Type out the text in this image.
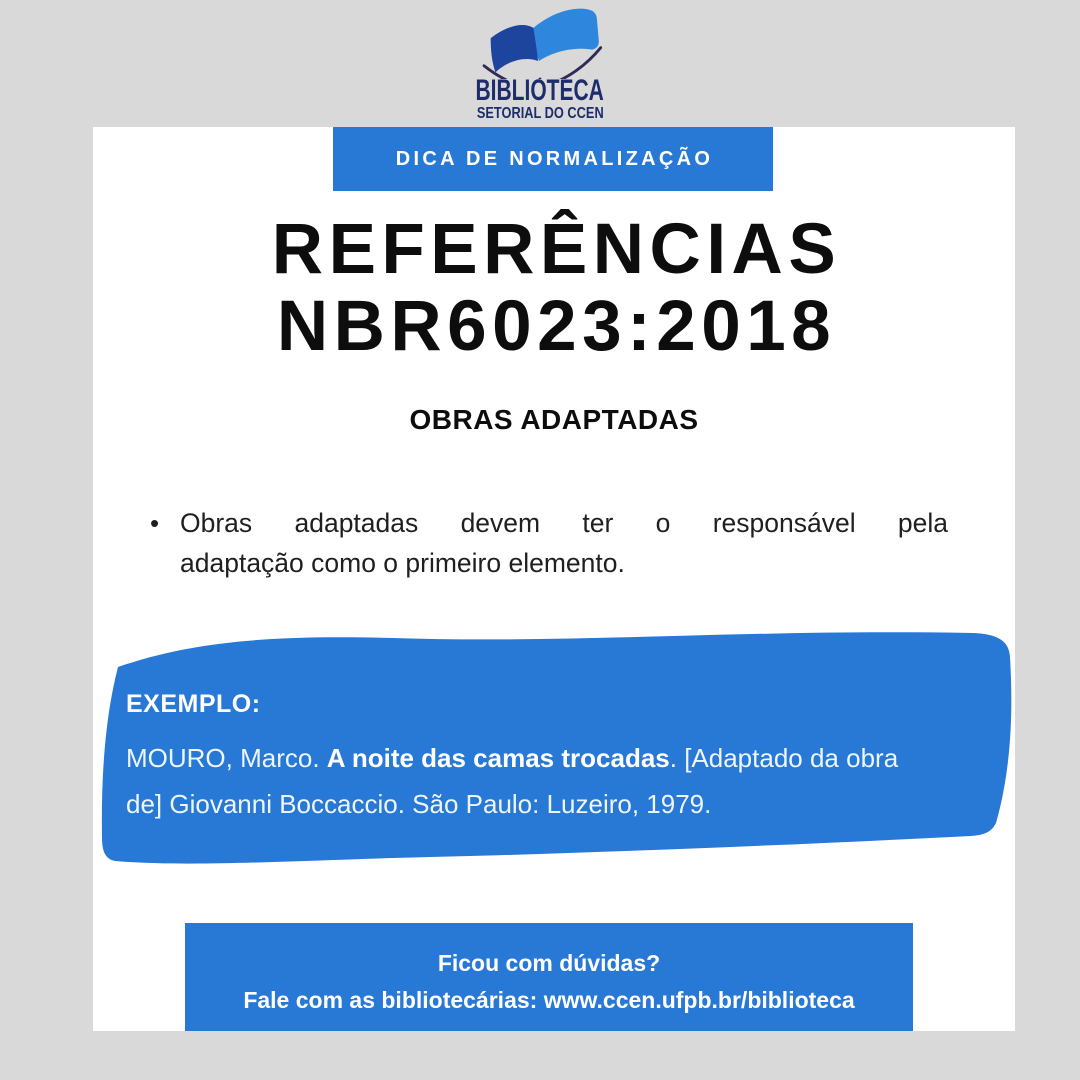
BIBLIOTECA
SETORIAL DO CCEN
DICA DE NORMALIZAÇÃO
REFERÊNCIAS
NBR6023:2018
OBRAS ADAPTADAS
• Obras adaptadas devem ter o responsável pela
adaptação como o primeiro elemento.
EXEMPLO:
MOURO, Marco. A noite das camas trocadas. [Adaptado da obra
de] Giovanni Boccaccio. São Paulo: Luzeiro, 1979.
Ficou com dúvidas?
Fale com as bibliotecárias: www.ccen.ufpb.br/biblioteca
